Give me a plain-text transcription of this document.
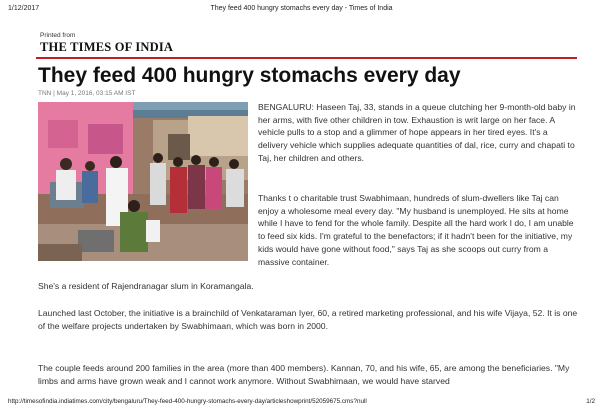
1/12/2017	They feed 400 hungry stomachs every day - Times of India
Printed from
THE TIMES OF INDIA
They feed 400 hungry stomachs every day
TNN | May 1, 2016, 03:15 AM IST
BENGALURU: Haseen Taj, 33, stands in a queue clutching her 9-month-old baby in her arms, with five other children in tow. Exhaustion is writ large on her face. A vehicle pulls to a stop and a glimmer of hope appears in her tired eyes. It's a delivery vehicle which supplies adequate quantities of dal, rice, curry and chapati to Taj, her children and others.
Thanks t o charitable trust Swabhimaan, hundreds of slum-dwellers like Taj can enjoy a wholesome meal every day. "My husband is unemployed. He sits at home while I have to fend for the whole family. Despite all the hard work I do, I am unable to feed six kids. I'm grateful to the benefactors; if it hadn't been for the initiative, my kids would have gone without food," says Taj as she scoops out curry from a massive container.
She's a resident of Rajendranagar slum in Koramangala.
Launched last October, the initiative is a brainchild of Venkataraman Iyer, 60, a retired marketing professional, and his wife Vijaya, 52. It is one of the welfare projects undertaken by Swabhimaan, which was born in 2000.
The couple feeds around 200 families in the area (more than 400 members). Kannan, 70, and his wife, 65, are among the beneficiaries. "My limbs and arms have grown weak and I cannot work anymore. Without Swabhimaan, we would have starved
http://timesofindia.indiatimes.com/city/bengaluru/They-feed-400-hungry-stomachs-every-day/articleshowprint/52059675.cms?null	1/2
